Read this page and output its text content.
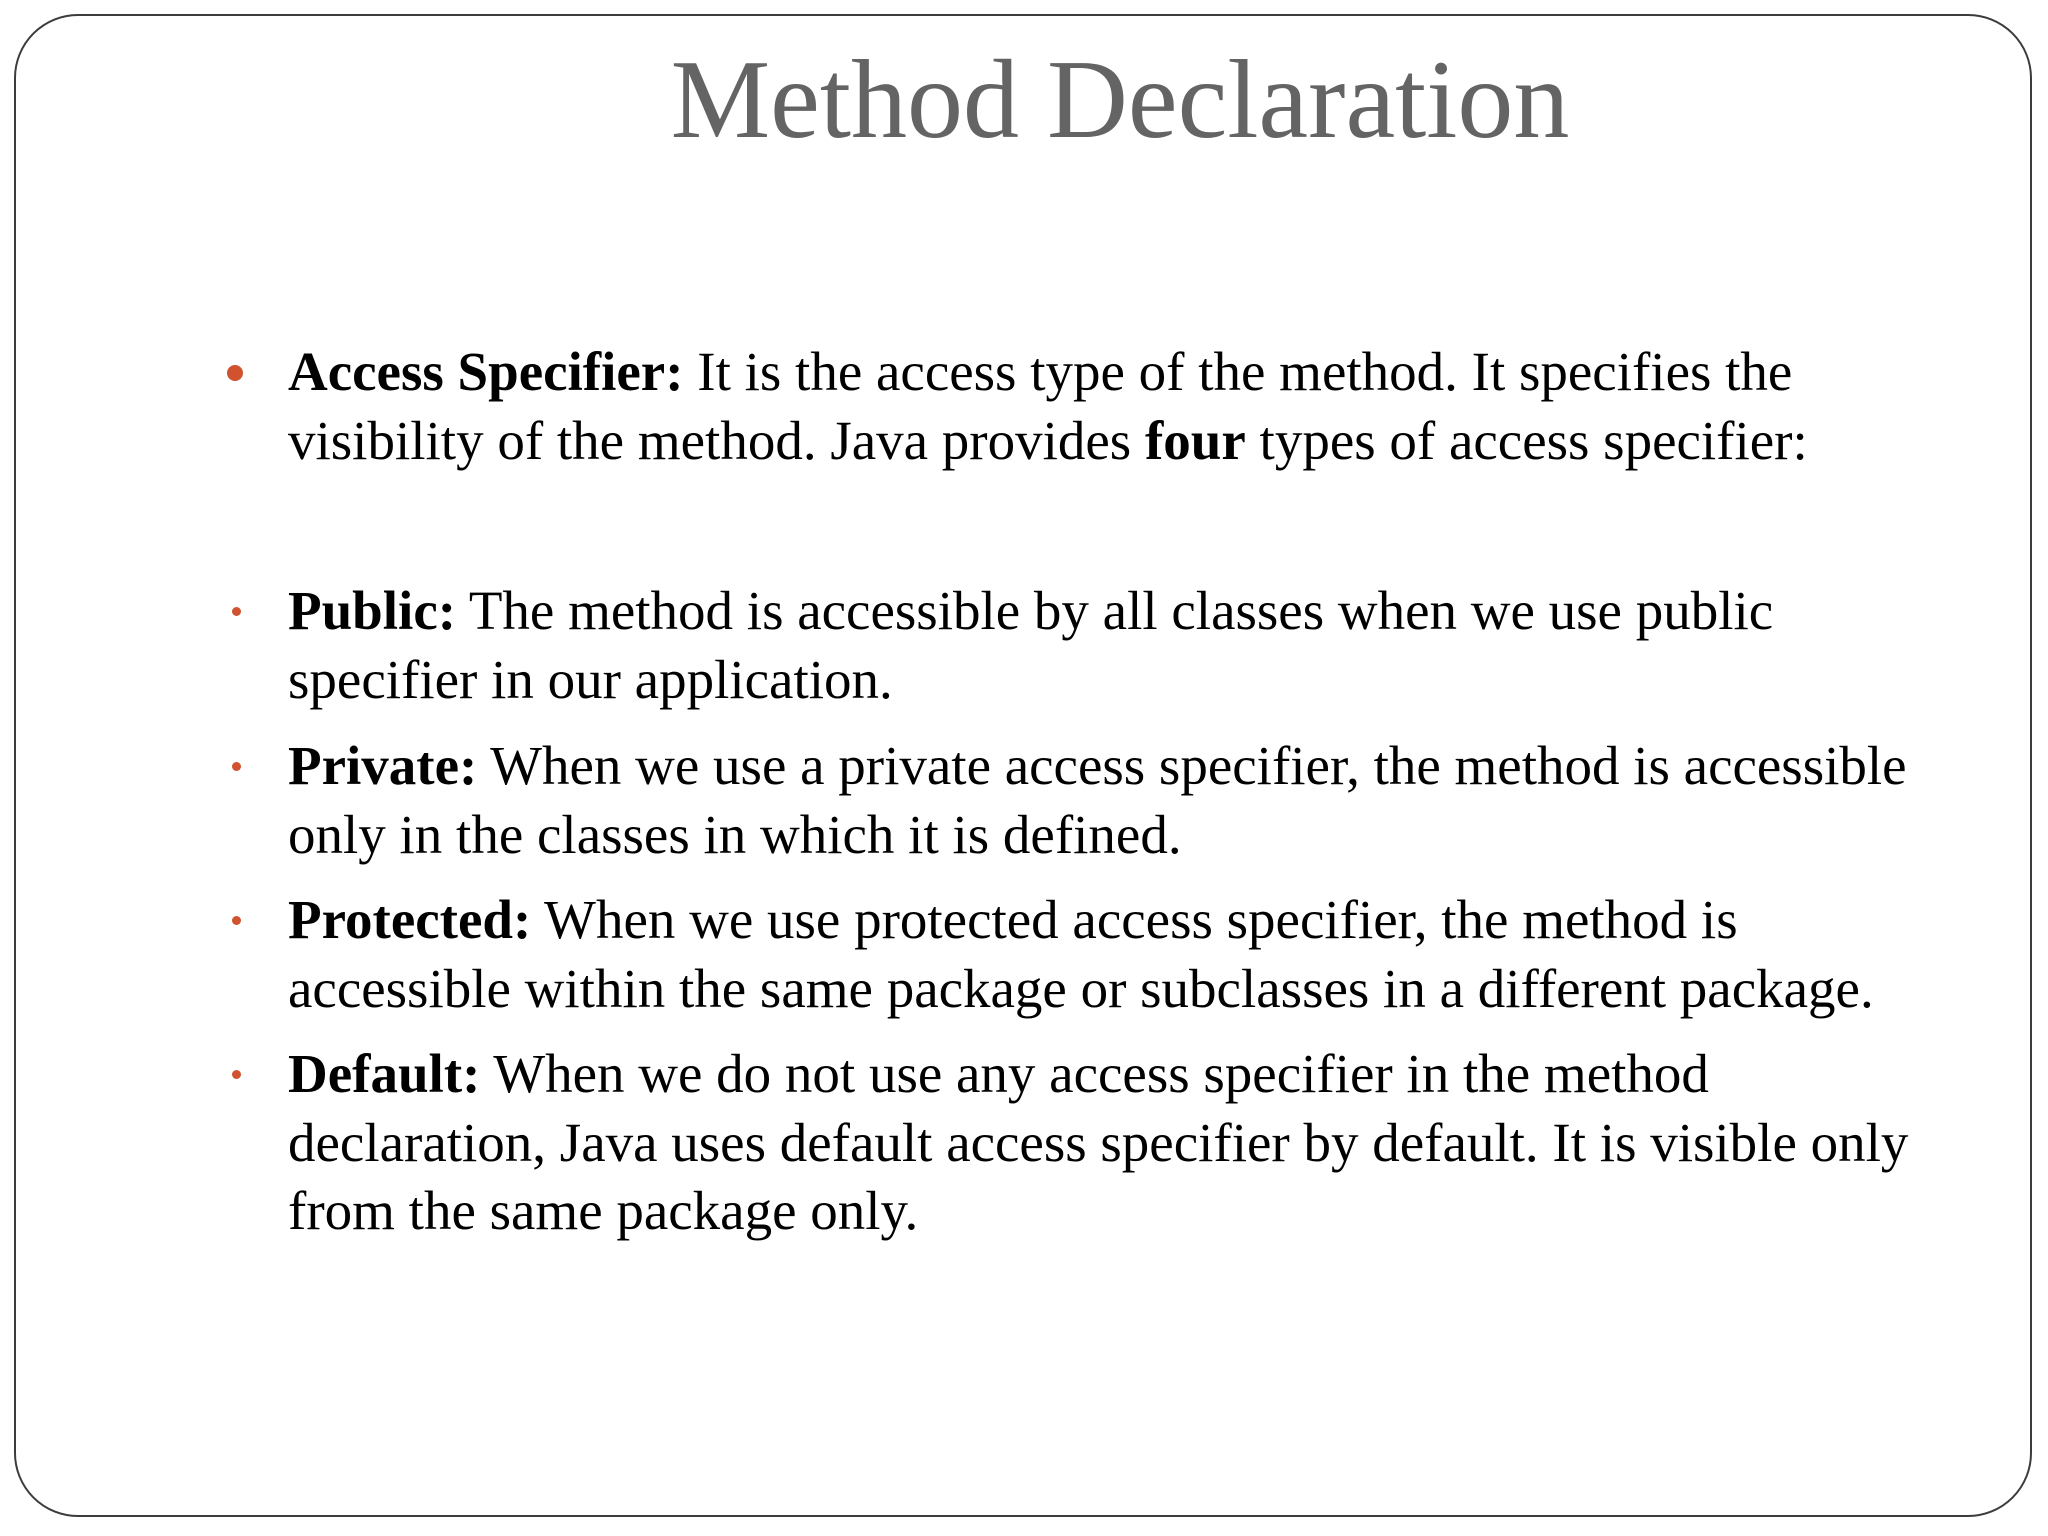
Method Declaration
Access Specifier: It is the access type of the method. It specifies the visibility of the method. Java provides four types of access specifier:
Public: The method is accessible by all classes when we use public specifier in our application.
Private: When we use a private access specifier, the method is accessible only in the classes in which it is defined.
Protected: When we use protected access specifier, the method is accessible within the same package or subclasses in a different package.
Default: When we do not use any access specifier in the method declaration, Java uses default access specifier by default. It is visible only from the same package only.
